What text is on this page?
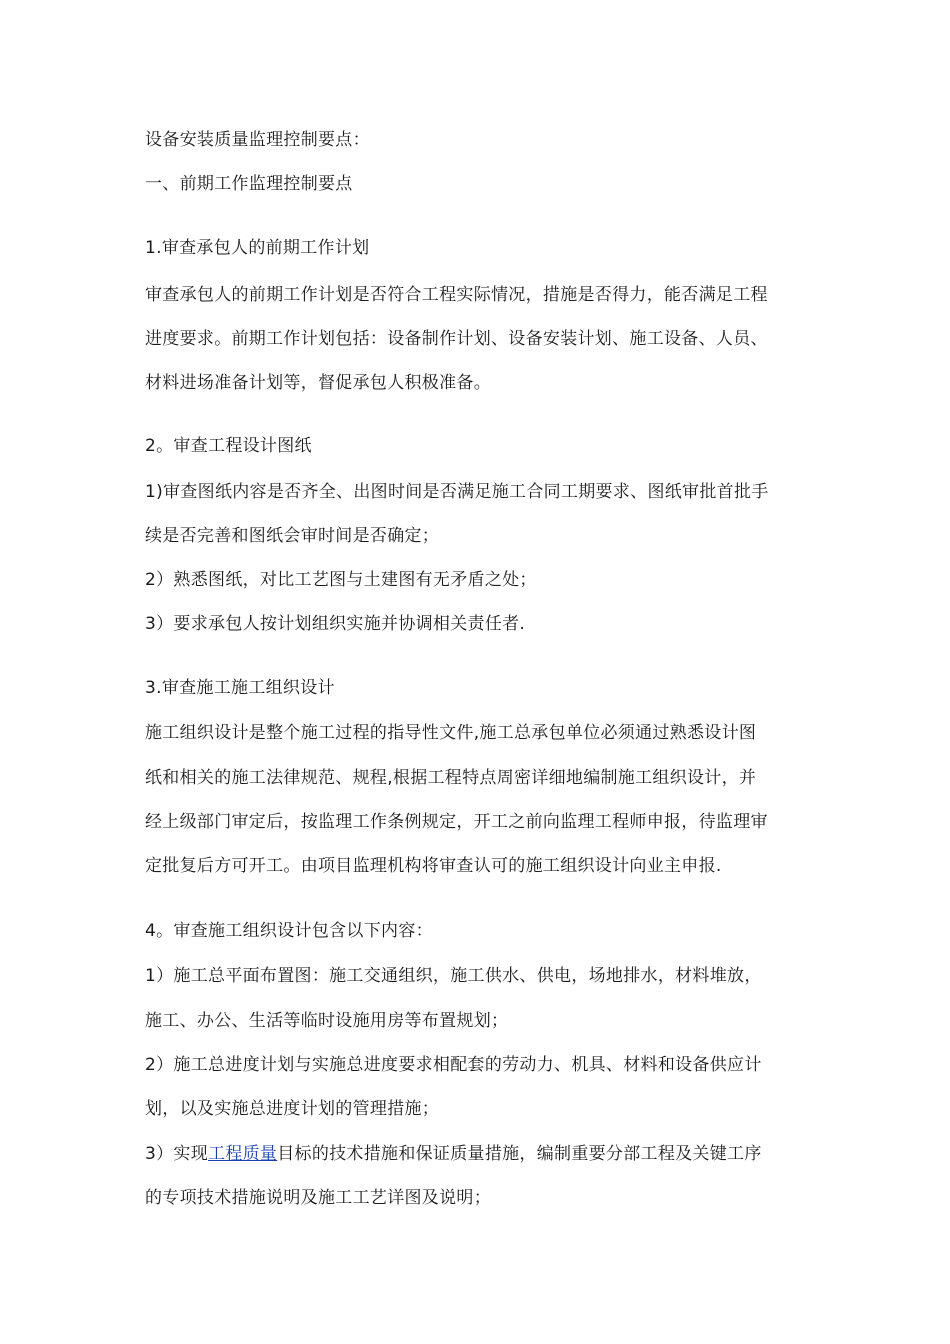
设备安装质量监理控制要点：
一、前期工作监理控制要点
1.审查承包人的前期工作计划
审查承包人的前期工作计划是否符合工程实际情况，措施是否得力，能否满足工程
进度要求。前期工作计划包括：设备制作计划、设备安装计划、施工设备、人员、
材料进场准备计划等，督促承包人积极准备。
2。审查工程设计图纸
1)审查图纸内容是否齐全、出图时间是否满足施工合同工期要求、图纸审批首批手
续是否完善和图纸会审时间是否确定；
2）熟悉图纸，对比工艺图与土建图有无矛盾之处；
3）要求承包人按计划组织实施并协调相关责任者.
3.审查施工施工组织设计
施工组织设计是整个施工过程的指导性文件,施工总承包单位必须通过熟悉设计图
纸和相关的施工法律规范、规程,根据工程特点周密详细地编制施工组织设计，并
经上级部门审定后，按监理工作条例规定，开工之前向监理工程师申报，待监理审
定批复后方可开工。由项目监理机构将审查认可的施工组织设计向业主申报.
4。审查施工组织设计包含以下内容：
1）施工总平面布置图：施工交通组织，施工供水、供电，场地排水，材料堆放，
施工、办公、生活等临时设施用房等布置规划；
2）施工总进度计划与实施总进度要求相配套的劳动力、机具、材料和设备供应计
划，以及实施总进度计划的管理措施；
3）实现工程质量目标的技术措施和保证质量措施，编制重要分部工程及关键工序
的专项技术措施说明及施工工艺详图及说明；
